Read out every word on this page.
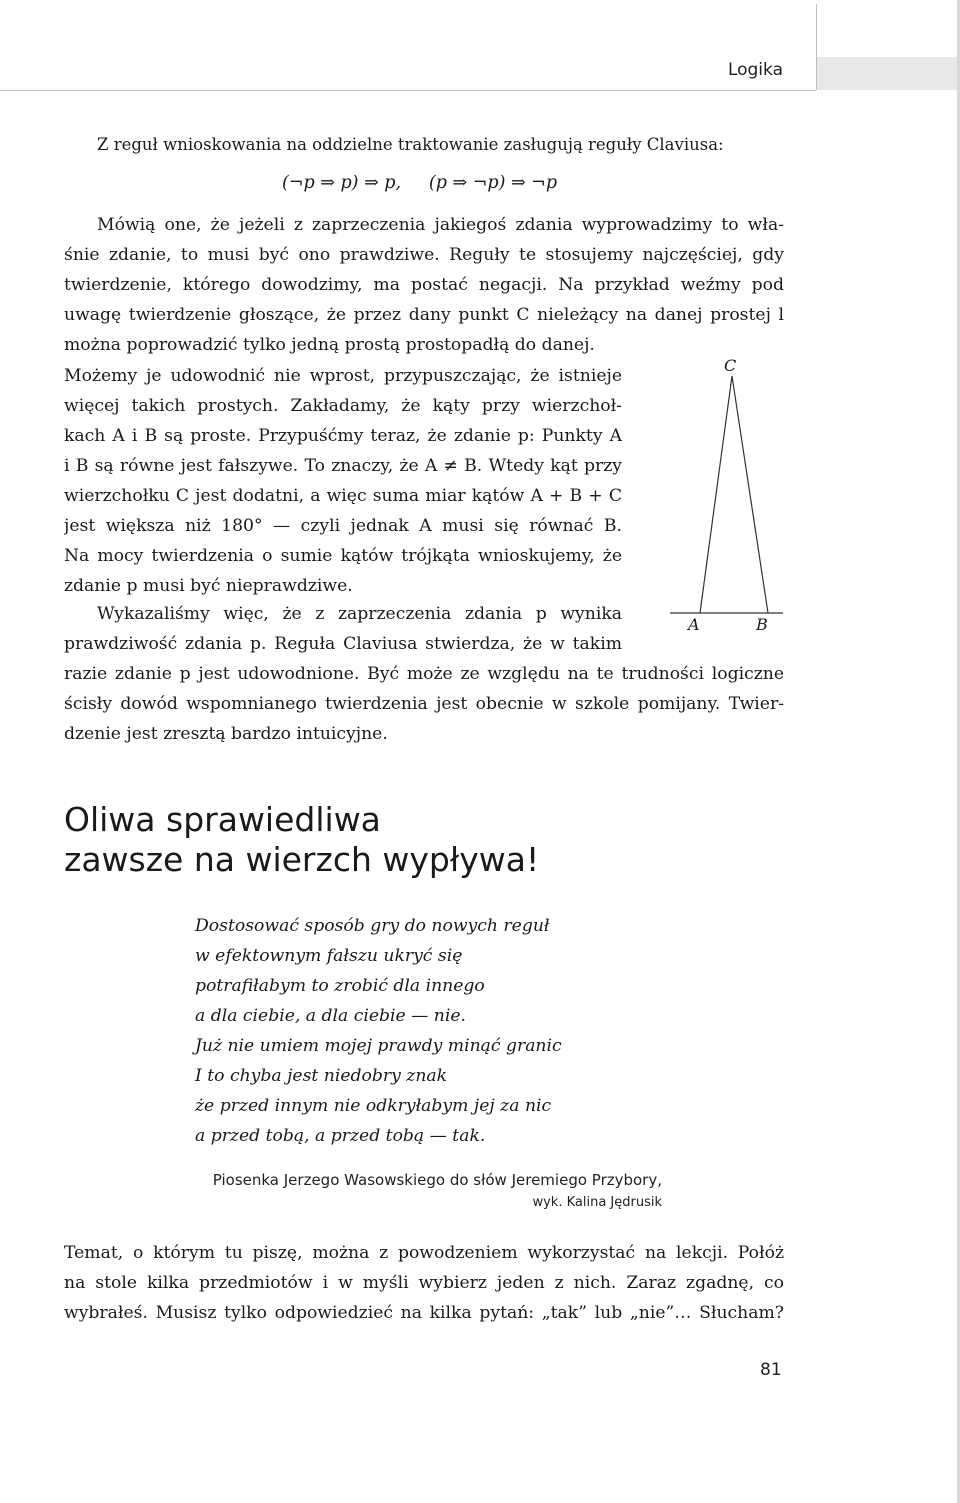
Logika
Z reguł wnioskowania na oddzielne traktowanie zasługują reguły Claviusa:
(¬p ⇒ p) ⇒ p,     (p ⇒ ¬p) ⇒ ¬p
Mówią one, że jeżeli z zaprzeczenia jakiegoś zdania wyprowadzimy to wła-
śnie zdanie, to musi być ono prawdziwe. Reguły te stosujemy najczęściej, gdy
twierdzenie, którego dowodzimy, ma postać negacji. Na przykład weźmy pod
uwagę twierdzenie głoszące, że przez dany punkt C nieleżący na danej prostej l
można poprowadzić tylko jedną prostą prostopadłą do danej.
Możemy je udowodnić nie wprost, przypuszczając, że istnieje
więcej takich prostych. Zakładamy, że kąty przy wierzchoł-
kach A i B są proste. Przypuśćmy teraz, że zdanie p: Punkty A
i B są równe jest fałszywe. To znaczy, że A ≠ B. Wtedy kąt przy
wierzchołku C jest dodatni, a więc suma miar kątów A + B + C
jest większa niż 180° — czyli jednak A musi się równać B.
Na mocy twierdzenia o sumie kątów trójkąta wnioskujemy, że
zdanie p musi być nieprawdziwe.
Wykazaliśmy więc, że z zaprzeczenia zdania p wynika
prawdziwość zdania p. Reguła Claviusa stwierdza, że w takim
razie zdanie p jest udowodnione. Być może ze względu na te trudności logiczne
ścisły dowód wspomnianego twierdzenia jest obecnie w szkole pomijany. Twier-
dzenie jest zresztą bardzo intuicyjne.
C
A	B
Oliwa sprawiedliwa
zawsze na wierzch wypływa!
Dostosować sposób gry do nowych reguł
w efektownym fałszu ukryć się
potrafiłabym to zrobić dla innego
a dla ciebie, a dla ciebie — nie.
Już nie umiem mojej prawdy minąć granic
I to chyba jest niedobry znak
że przed innym nie odkryłabym jej za nic
a przed tobą, a przed tobą — tak.
Piosenka Jerzego Wasowskiego do słów Jeremiego Przybory,
wyk. Kalina Jędrusik
Temat, o którym tu piszę, można z powodzeniem wykorzystać na lekcji. Połóż
na stole kilka przedmiotów i w myśli wybierz jeden z nich. Zaraz zgadnę, co
wybrałeś. Musisz tylko odpowiedzieć na kilka pytań: „tak” lub „nie”… Słucham?
81
